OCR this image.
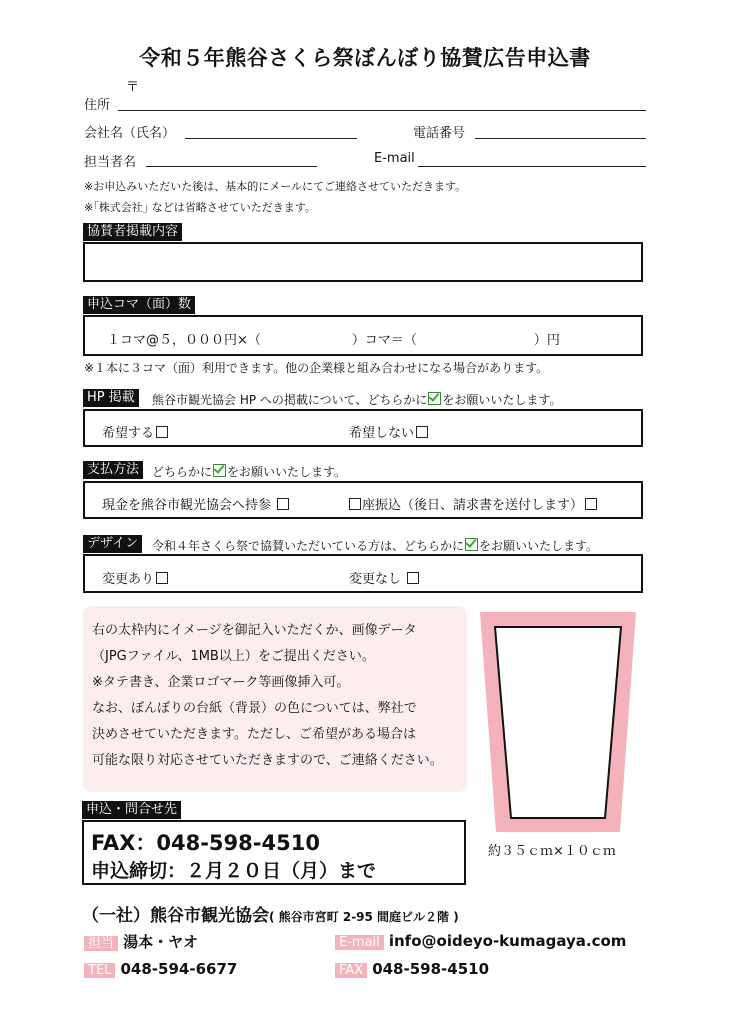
令和５年熊谷さくら祭ぼんぼり協賛広告申込書
〒
住所
会社名（氏名）	電話番号
担当者名	E-mail
※お申込みいただいた後は、基本的にメールにてご連絡させていただきます。
※｢株式会社｣ などは省略させていただきます。
協賛者掲載内容
申込コマ（面）数
１コマ@５，０００円×（　　　　　　　）コマ＝（　　　　　　　　　）円
※１本に３コマ（面）利用できます。他の企業様と組み合わせになる場合があります。
HP 掲載	熊谷市観光協会 HP への掲載について、どちらかに をお願いいたします。
希望する	希望しない
支払方法	どちらかに をお願いいたします。
現金を熊谷市観光協会へ持参	座振込（後日、請求書を送付します）
デザイン	令和４年さくら祭で協賛いただいている方は、どちらかに をお願いいたします。
変更あり	変更なし

右の太枠内にイメージを御記入いただくか、画像データ

（JPGファイル、1MB以上）をご提出ください。

※タテ書き、企業ロゴマーク等画像挿入可。

なお、ぼんぼりの台紙（背景）の色については、弊社で

決めさせていただきます。ただし、ご希望がある場合は

可能な限り対応させていただきますので、ご連絡ください。

約３５ｃｍ×１０ｃｍ
申込・問合せ先
FAX：048-598-4510
申込締切：２月２０日（月）まで
（一社）熊谷市観光協会( 熊谷市宮町 2-95 間庭ビル２階 )
担当 湯本・ヤオ	E-mail info@oideyo-kumagaya.com
TEL 048-594-6677	FAX 048-598-4510
